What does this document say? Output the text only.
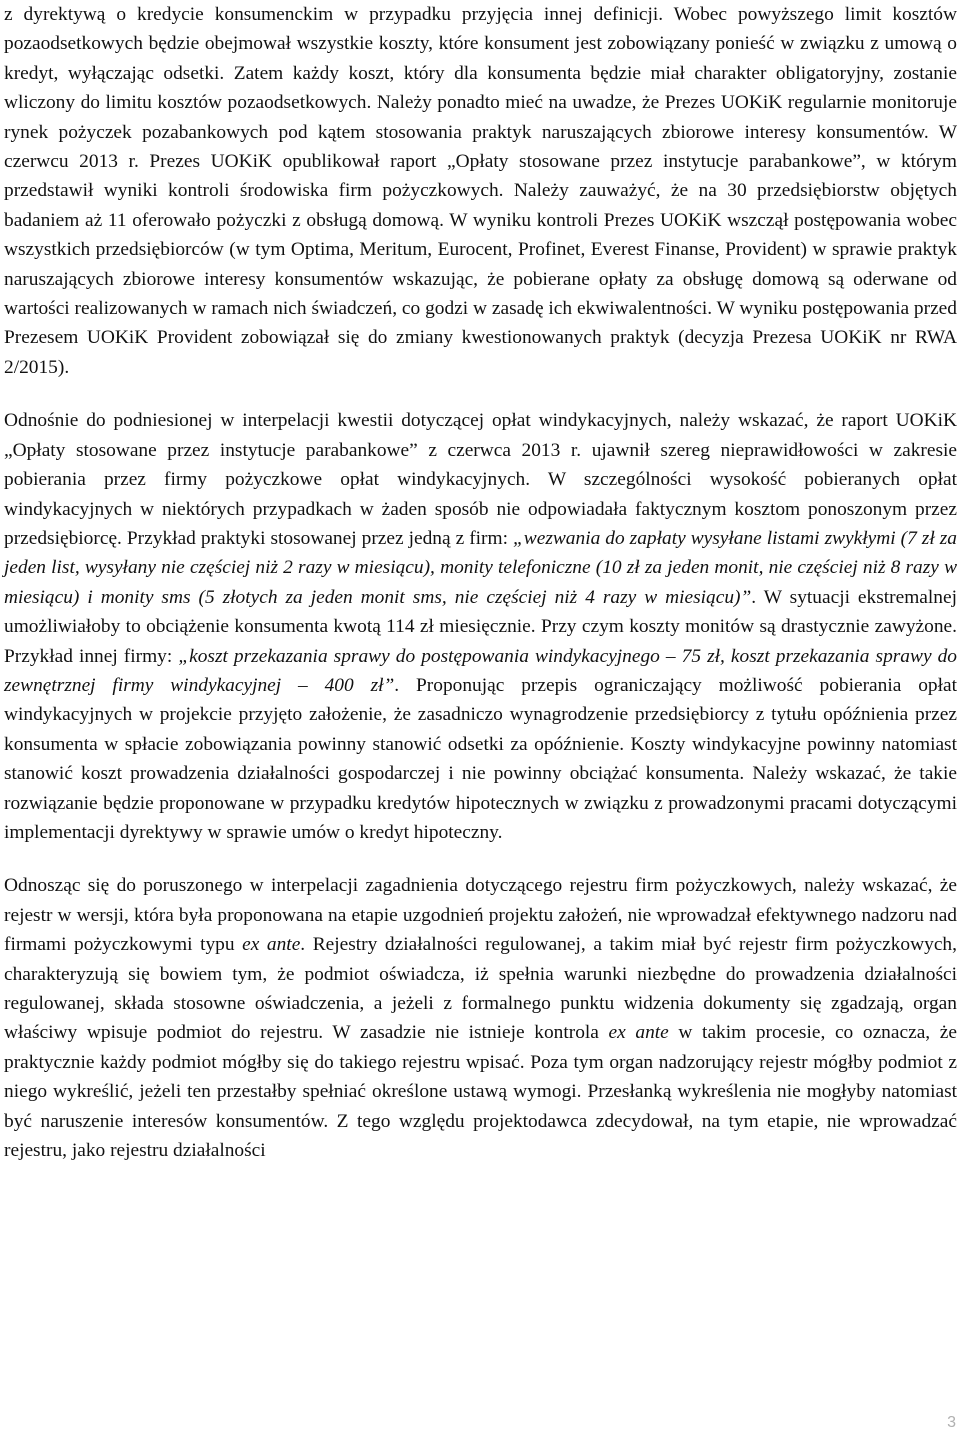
z dyrektywą o kredycie konsumenckim w przypadku przyjęcia innej definicji. Wobec powyższego limit kosztów pozaodsetkowych będzie obejmował wszystkie koszty, które konsument jest zobowiązany ponieść w związku z umową o kredyt, wyłączając odsetki. Zatem każdy koszt, który dla konsumenta będzie miał charakter obligatoryjny, zostanie wliczony do limitu kosztów pozaodsetkowych. Należy ponadto mieć na uwadze, że Prezes UOKiK regularnie monitoruje rynek pożyczek pozabankowych pod kątem stosowania praktyk naruszających zbiorowe interesy konsumentów. W czerwcu 2013 r. Prezes UOKiK opublikował raport „Opłaty stosowane przez instytucje parabankowe”, w którym przedstawił wyniki kontroli środowiska firm pożyczkowych. Należy zauważyć, że na 30 przedsiębiorstw objętych badaniem aż 11 oferowało pożyczki z obsługą domową. W wyniku kontroli Prezes UOKiK wszczął postępowania wobec wszystkich przedsiębiorców (w tym Optima, Meritum, Eurocent, Profinet, Everest Finanse, Provident) w sprawie praktyk naruszających zbiorowe interesy konsumentów wskazując, że pobierane opłaty za obsługę domową są oderwane od wartości realizowanych w ramach nich świadczeń, co godzi w zasadę ich ekwiwalentności. W wyniku postępowania przed Prezesem UOKiK Provident zobowiązał się do zmiany kwestionowanych praktyk (decyzja Prezesa UOKiK nr RWA 2/2015).

Odnośnie do podniesionej w interpelacji kwestii dotyczącej opłat windykacyjnych, należy wskazać, że raport UOKiK „Opłaty stosowane przez instytucje parabankowe” z czerwca 2013 r. ujawnił szereg nieprawidłowości w zakresie pobierania przez firmy pożyczkowe opłat windykacyjnych. W szczególności wysokość pobieranych opłat windykacyjnych w niektórych przypadkach w żaden sposób nie odpowiadała faktycznym kosztom ponoszonym przez przedsiębiorcę. Przykład praktyki stosowanej przez jedną z firm: „wezwania do zapłaty wysyłane listami zwykłymi (7 zł za jeden list, wysyłany nie częściej niż 2 razy w miesiącu), monity telefoniczne (10 zł za jeden monit, nie częściej niż 8 razy w miesiącu) i monity sms (5 złotych za jeden monit sms, nie częściej niż 4 razy w miesiącu)”. W sytuacji ekstremalnej umożliwiałoby to obciążenie konsumenta kwotą 114 zł miesięcznie. Przy czym koszty monitów są drastycznie zawyżone. Przykład innej firmy: „koszt przekazania sprawy do postępowania windykacyjnego – 75 zł, koszt przekazania sprawy do zewnętrznej firmy windykacyjnej – 400 zł”. Proponując przepis ograniczający możliwość pobierania opłat windykacyjnych w projekcie przyjęto założenie, że zasadniczo wynagrodzenie przedsiębiorcy z tytułu opóźnienia przez konsumenta w spłacie zobowiązania powinny stanowić odsetki za opóźnienie. Koszty windykacyjne powinny natomiast stanowić koszt prowadzenia działalności gospodarczej i nie powinny obciążać konsumenta. Należy wskazać, że takie rozwiązanie będzie proponowane w przypadku kredytów hipotecznych w związku z prowadzonymi pracami dotyczącymi implementacji dyrektywy w sprawie umów o kredyt hipoteczny.

Odnosząc się do poruszonego w interpelacji zagadnienia dotyczącego rejestru firm pożyczkowych, należy wskazać, że rejestr w wersji, która była proponowana na etapie uzgodnień projektu założeń, nie wprowadzał efektywnego nadzoru nad firmami pożyczkowymi typu ex ante. Rejestry działalności regulowanej, a takim miał być rejestr firm pożyczkowych, charakteryzują się bowiem tym, że podmiot oświadcza, iż spełnia warunki niezbędne do prowadzenia działalności regulowanej, składa stosowne oświadczenia, a jeżeli z formalnego punktu widzenia dokumenty się zgadzają, organ właściwy wpisuje podmiot do rejestru. W zasadzie nie istnieje kontrola ex ante w takim procesie, co oznacza, że praktycznie każdy podmiot mógłby się do takiego rejestru wpisać. Poza tym organ nadzorujący rejestr mógłby podmiot z niego wykreślić, jeżeli ten przestałby spełniać określone ustawą wymogi. Przesłanką wykreślenia nie mogłyby natomiast być naruszenie interesów konsumentów. Z tego względu projektodawca zdecydował, na tym etapie, nie wprowadzać rejestru, jako rejestru działalności

3
